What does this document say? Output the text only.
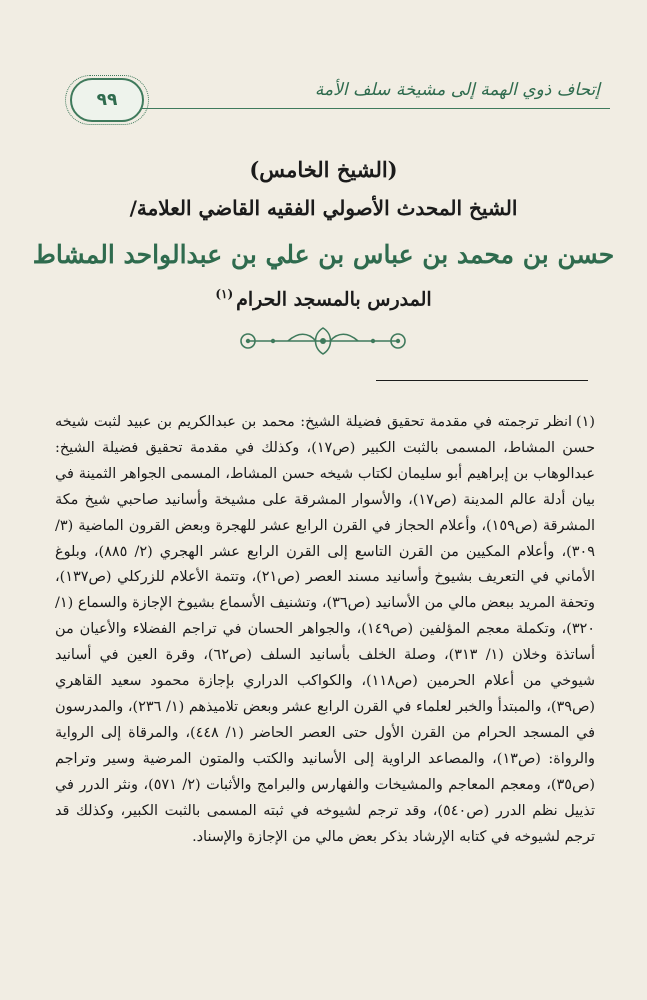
إتحاف ذوي الهمة إلى مشيخة سلف الأمة
٩٩
(الشيخ الخامس)
الشيخ المحدث الأصولي الفقيه القاضي العلامة/
حسن بن محمد بن عباس بن علي بن عبدالواحد المشاط
المدرس بالمسجد الحرام$^{(١)}$
(١)انظر ترجمته في مقدمة تحقيق فضيلة الشيخ: محمد بن عبدالكريم بن عبيد لثبت شيخه حسن المشاط، المسمى بالثبت الكبير (ص١٧)، وكذلك في مقدمة تحقيق فضيلة الشيخ: عبدالوهاب بن إبراهيم أبو سليمان لكتاب شيخه حسن المشاط، المسمى الجواهر الثمينة في بيان أدلة عالم المدينة (ص١٧)، والأسوار المشرقة على مشيخة وأسانيد صاحبي شيخ مكة المشرقة (ص١٥٩)، وأعلام الحجاز في القرن الرابع عشر للهجرة وبعض القرون الماضية (٣/ ٣٠٩)، وأعلام المكيين من القرن التاسع إلى القرن الرابع عشر الهجري (٢/ ٨٨٥)، وبلوغ الأماني في التعريف بشيوخ وأسانيد مسند العصر (ص٢١)، وتتمة الأعلام للزركلي (ص١٣٧)، وتحفة المريد ببعض مالي من الأسانيد (ص٣٦)، وتشنيف الأسماع بشيوخ الإجازة والسماع (١/ ٣٢٠)، وتكملة معجم المؤلفين (ص١٤٩)، والجواهر الحسان في تراجم الفضلاء والأعيان من أساتذة وخلان (١/ ٣١٣)، وصلة الخلف بأسانيد السلف (ص٦٢)، وقرة العين في أسانيد شيوخي من أعلام الحرمين (ص١١٨)، والكواكب الدراري بإجازة محمود سعيد القاهري (ص٣٩)، والمبتدأ والخبر لعلماء في القرن الرابع عشر وبعض تلاميذهم (١/ ٢٣٦)، والمدرسون في المسجد الحرام من القرن الأول حتى العصر الحاضر (١/ ٤٤٨)، والمرقاة إلى الرواية والرواة: (ص١٣)، والمصاعد الراوية إلى الأسانيد والكتب والمتون المرضية وسير وتراجم (ص٣٥)، ومعجم المعاجم والمشيخات والفهارس والبرامج والأثبات (٢/ ٥٧١)، ونثر الدرر في تذييل نظم الدرر (ص٥٤٠)، وقد ترجم لشيوخه في ثبته المسمى بالثبت الكبير، وكذلك قد ترجم لشيوخه في كتابه الإرشاد بذكر بعض مالي من الإجازة والإسناد.
